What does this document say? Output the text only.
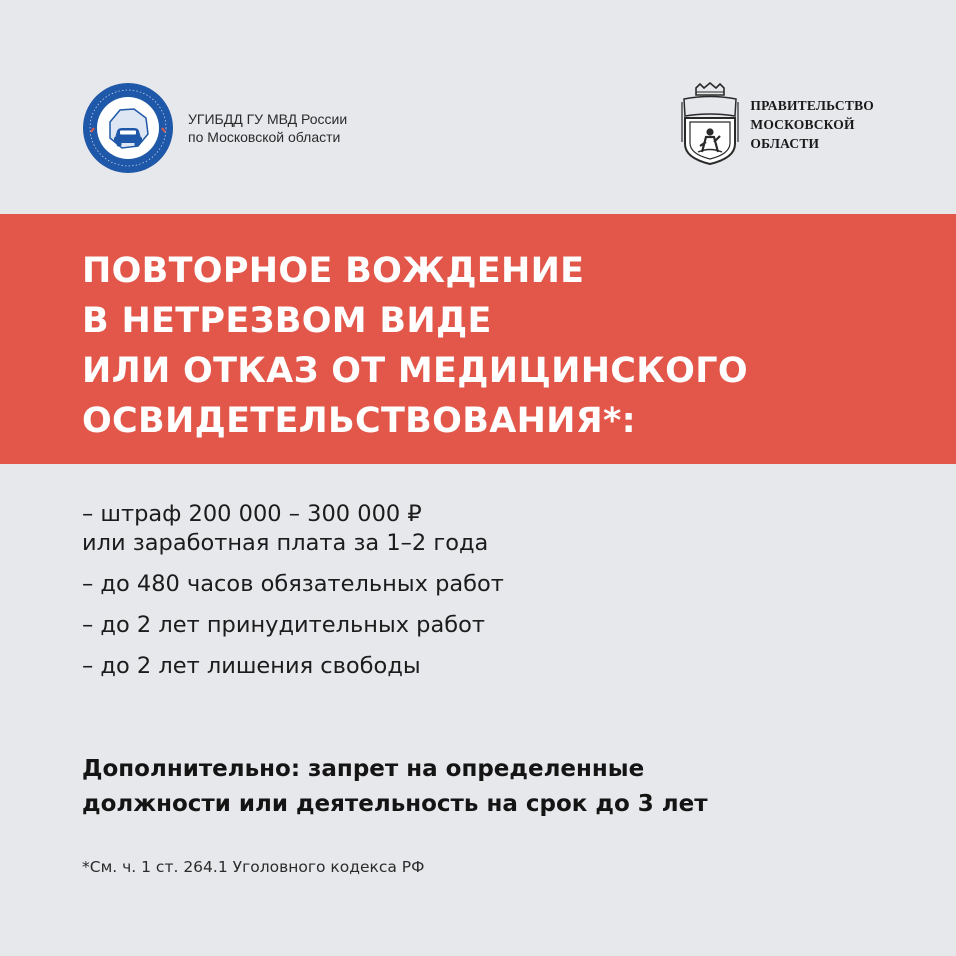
УГИБДД ГУ МВД России
по Московской области
ПРАВИТЕЛЬСТВО
МОСКОВСКОЙ
ОБЛАСТИ
ПОВТОРНОЕ ВОЖДЕНИЕ
В НЕТРЕЗВОМ ВИДЕ
ИЛИ ОТКАЗ ОТ МЕДИЦИНСКОГО
ОСВИДЕТЕЛЬСТВОВАНИЯ*:
– штраф 200 000 – 300 000 ₽
или заработная плата за 1–2 года
– до 480 часов обязательных работ
– до 2 лет принудительных работ
– до 2 лет лишения свободы

Дополнительно: запрет на определенные
должности или деятельность на срок до 3 лет

*См. ч. 1 ст. 264.1 Уголовного кодекса РФ
